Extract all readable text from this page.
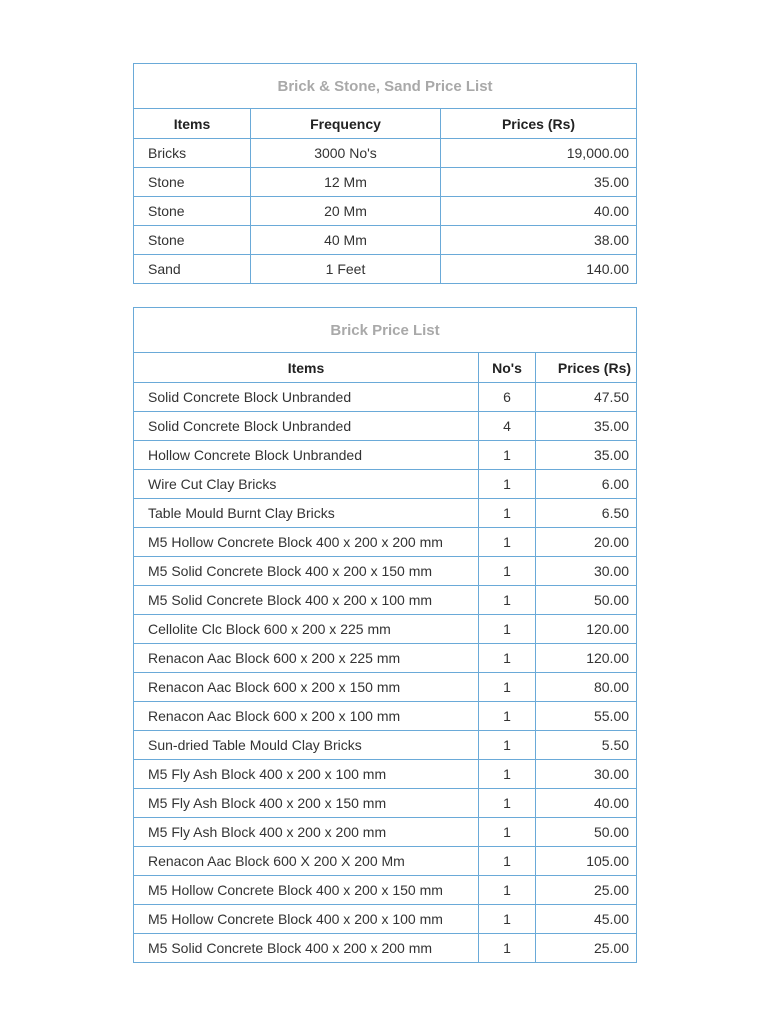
Brick & Stone, Sand Price List		
Items	Frequency	Prices (Rs)
Bricks	3000 No's	19,000.00
Stone	12 Mm	35.00
Stone	20 Mm	40.00
Stone	40 Mm	38.00
Sand	1 Feet	140.00
Brick Price List		
Items	No's	Prices (Rs)
Solid Concrete Block Unbranded	6	47.50
Solid Concrete Block Unbranded	4	35.00
Hollow Concrete Block Unbranded	1	35.00
Wire Cut Clay Bricks	1	6.00
Table Mould Burnt Clay Bricks	1	6.50
M5 Hollow Concrete Block 400 x 200 x 200 mm	1	20.00
M5 Solid Concrete Block 400 x 200 x 150 mm	1	30.00
M5 Solid Concrete Block 400 x 200 x 100 mm	1	50.00
Cellolite Clc Block 600 x 200 x 225 mm	1	120.00
Renacon Aac Block 600 x 200 x 225 mm	1	120.00
Renacon Aac Block 600 x 200 x 150 mm	1	80.00
Renacon Aac Block 600 x 200 x 100 mm	1	55.00
Sun-dried Table Mould Clay Bricks	1	5.50
M5 Fly Ash Block 400 x 200 x 100 mm	1	30.00
M5 Fly Ash Block 400 x 200 x 150 mm	1	40.00
M5 Fly Ash Block 400 x 200 x 200 mm	1	50.00
Renacon Aac Block 600 X 200 X 200 Mm	1	105.00
M5 Hollow Concrete Block 400 x 200 x 150 mm	1	25.00
M5 Hollow Concrete Block 400 x 200 x 100 mm	1	45.00
M5 Solid Concrete Block 400 x 200 x 200 mm	1	25.00
